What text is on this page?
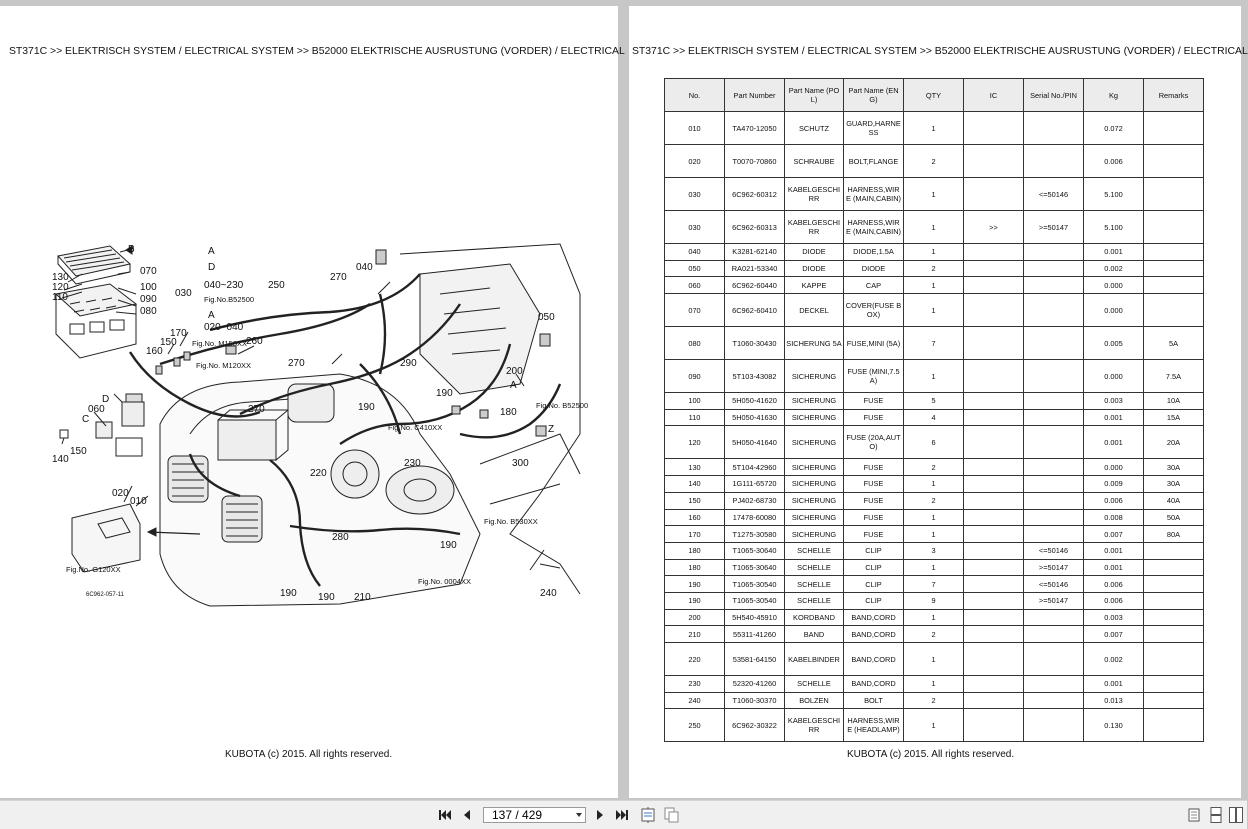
ST371C >> ELEKTRISCH SYSTEM / ELECTRICAL SYSTEM >> B52000 ELEKTRISCHE AUSRUSTUNG (VORDER) / ELECTRICAL
B
070
100
090
080
130
120
110	030
170
160
150
D
060
C
150
140
020
010
040
260
270
250
290
270
270	190
190
220
280
230
210
190 190
190
240
050
200
A
180
300
Z
040~230
020~040
A
D
A
Fig.No.B52500
Fig.No. M150XX
Fig.No. M120XX
Fig.No. C410XX
Fig.No. B52500
Fig.No. B530XX
Fig.No. G120XX
Fig.No. 0004XX
6C962-057-11
KUBOTA (c) 2015. All rights reserved.
ST371C >> ELEKTRISCH SYSTEM / ELECTRICAL SYSTEM >> B52000 ELEKTRISCHE AUSRUSTUNG (VORDER) / ELECTRICAL
No.	Part Number	Part Name (POL)	Part Name (ENG)	QTY	IC	Serial No./PIN	Kg	Remarks
010	TA470-12050	SCHUTZ	GUARD,HARNESS	1			0.072	
020	T0070-70860	SCHRAUBE	BOLT,FLANGE	2			0.006	
030	6C962-60312	KABELGESCHIRR	HARNESS,WIRE (MAIN,CABIN)	1		<=50146	5.100	
030	6C962-60313	KABELGESCHIRR	HARNESS,WIRE (MAIN,CABIN)	1	>>	>=50147	5.100	
040	K3281-62140	DIODE	DIODE,1.5A	1			0.001	
050	RA021-53340	DIODE	DIODE	2			0.002	
060	6C962-60440	KAPPE	CAP	1			0.000	
070	6C962-60410	DECKEL	COVER(FUSE BOX)	1			0.000	
080	T1060-30430	SICHERUNG 5A	FUSE,MINI (5A)	7			0.005	5A
090	5T103-43082	SICHERUNG	FUSE (MINI,7.5A)	1			0.000	7.5A
100	5H050-41620	SICHERUNG	FUSE	5			0.003	10A
110	5H050-41630	SICHERUNG	FUSE	4			0.001	15A
120	5H050-41640	SICHERUNG	FUSE (20A,AUTO)	6			0.001	20A
130	5T104-42960	SICHERUNG	FUSE	2			0.000	30A
140	1G111-65720	SICHERUNG	FUSE	1			0.009	30A
150	PJ402-68730	SICHERUNG	FUSE	2			0.006	40A
160	17478-60080	SICHERUNG	FUSE	1			0.008	50A
170	T1275-30580	SICHERUNG	FUSE	1			0.007	80A
180	T1065-30640	SCHELLE	CLIP	3		<=50146	0.001	
180	T1065-30640	SCHELLE	CLIP	1		>=50147	0.001	
190	T1065-30540	SCHELLE	CLIP	7		<=50146	0.006	
190	T1065-30540	SCHELLE	CLIP	9		>=50147	0.006	
200	5H540-45910	KORDBAND	BAND,CORD	1			0.003	
210	55311-41260	BAND	BAND,CORD	2			0.007	
220	53581-64150	KABELBINDER	BAND,CORD	1			0.002	
230	52320-41260	SCHELLE	BAND,CORD	1			0.001	
240	T1060-30370	BOLZEN	BOLT	2			0.013	
250	6C962-30322	KABELGESCHIRR	HARNESS,WIRE (HEADLAMP)	1			0.130	
KUBOTA (c) 2015. All rights reserved.
137 / 429
